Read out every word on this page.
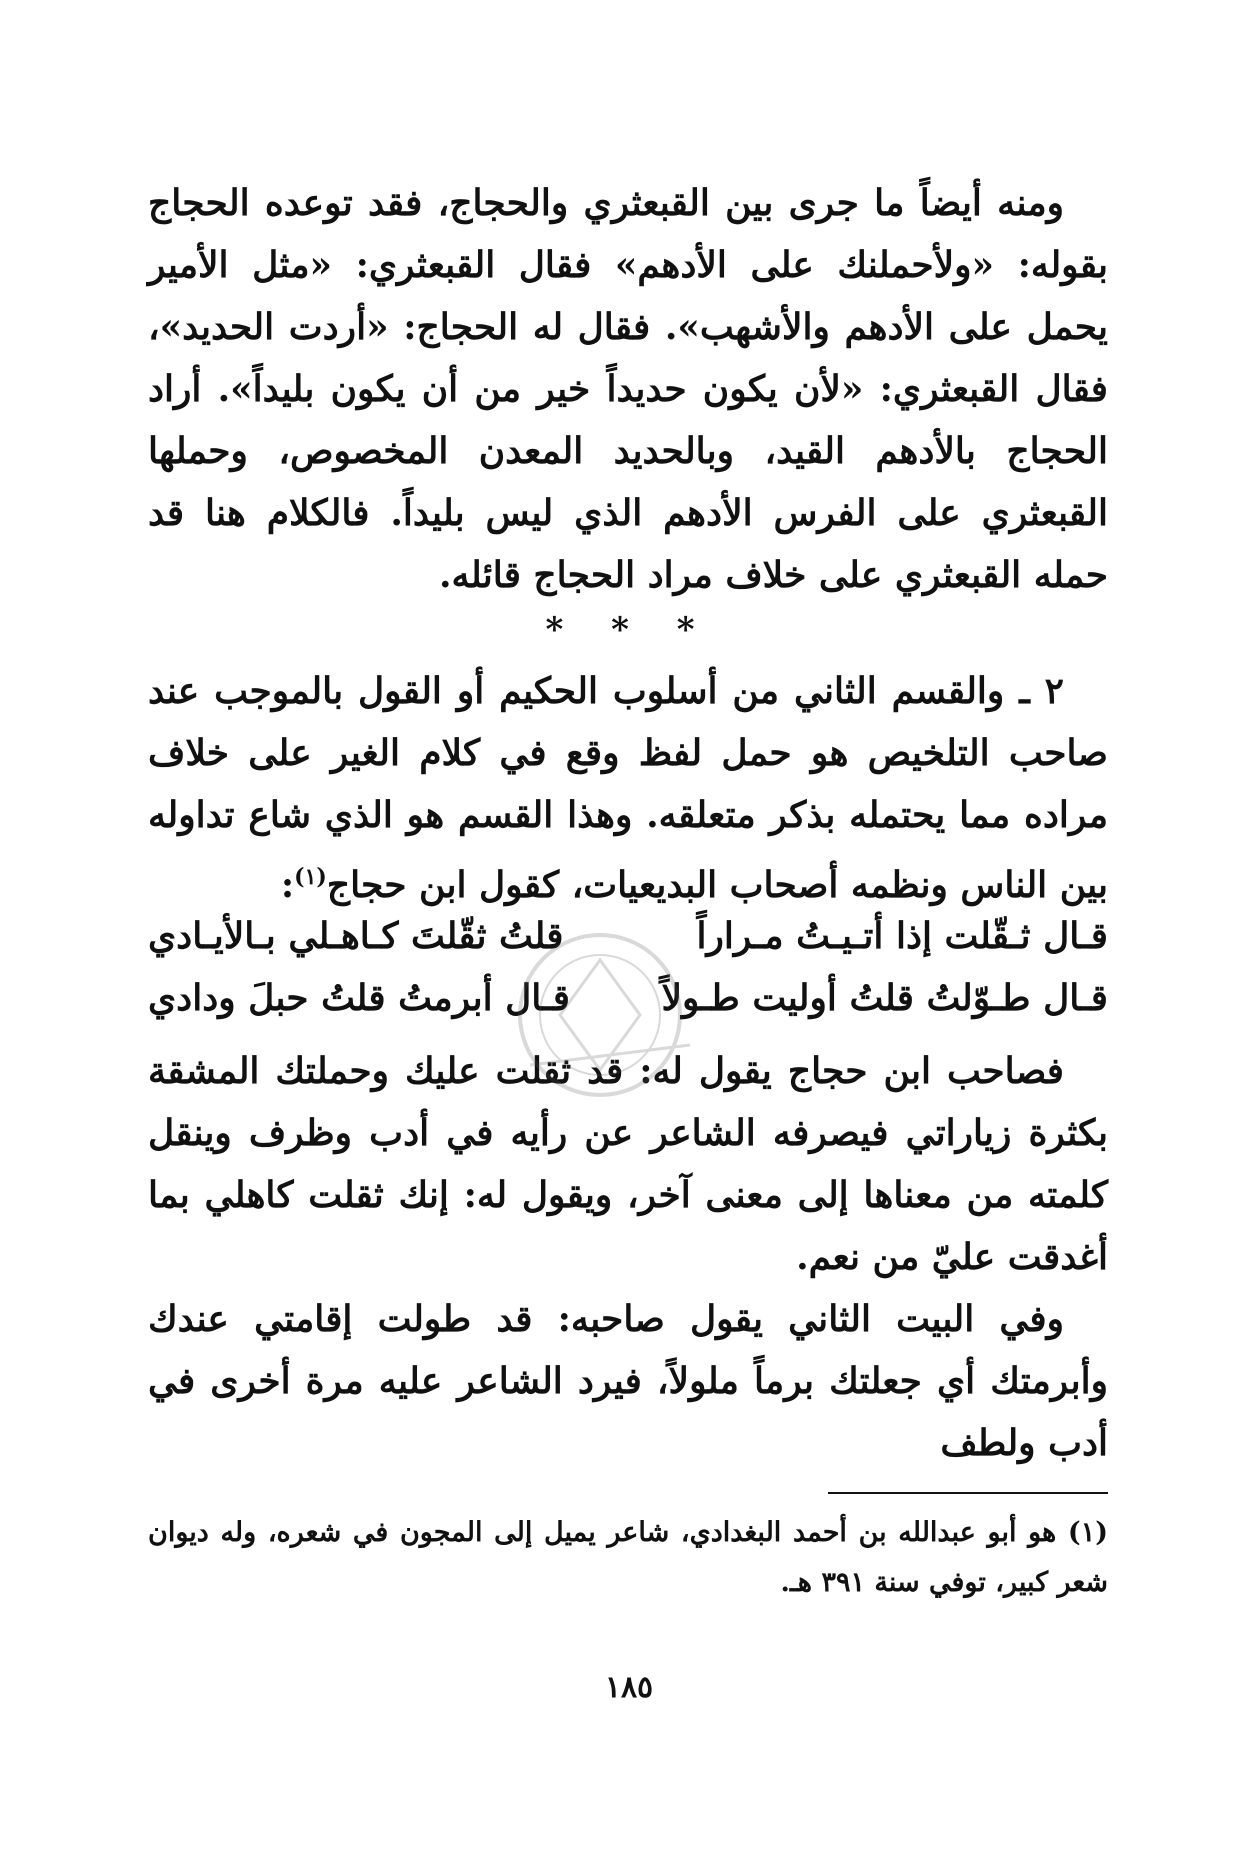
ومنه أيضاً ما جرى بين القبعثري والحجاج، فقد توعده الحجاج بقوله: «ولأحملنك على الأدهم» فقال القبعثري: «مثل الأمير يحمل على الأدهم والأشهب». فقال له الحجاج: «أردت الحديد»، فقال القبعثري: «لأن يكون حديداً خير من أن يكون بليداً». أراد الحجاج بالأدهم القيد، وبالحديد المعدن المخصوص، وحملها القبعثري على الفرس الأدهم الذي ليس بليداً. فالكلام هنا قد حمله القبعثري على خلاف مراد الحجاج قائله.

* * *

٢ ـ والقسم الثاني من أسلوب الحكيم أو القول بالموجب عند صاحب التلخيص هو حمل لفظ وقع في كلام الغير على خلاف مراده مما يحتمله بذكر متعلقه. وهذا القسم هو الذي شاع تداوله بين الناس ونظمه أصحاب البديعيات، كقول ابن حجاج$^{(١)}$:

قـال ثـقّلت إذا أتـيـتُ مـراراً
قلتُ ثقّلتَ كـاهـلي بـالأيـادي
قـال طـوّلتُ قلتُ أوليت طـولاً
قـال أبرمتُ قلتُ حبلَ ودادي

فصاحب ابن حجاج يقول له: قد ثقلت عليك وحملتك المشقة بكثرة زياراتي فيصرفه الشاعر عن رأيه في أدب وظرف وينقل كلمته من معناها إلى معنى آخر، ويقول له: إنك ثقلت كاهلي بما أغدقت عليّ من نعم.

وفي البيت الثاني يقول صاحبه: قد طولت إقامتي عندك وأبرمتك أي جعلتك برماً ملولاً، فيرد الشاعر عليه مرة أخرى في أدب ولطف

(١) هو أبو عبدالله بن أحمد البغدادي، شاعر يميل إلى المجون في شعره، وله ديوان شعر كبير، توفي سنة ٣٩١ هـ.
١٨٥
